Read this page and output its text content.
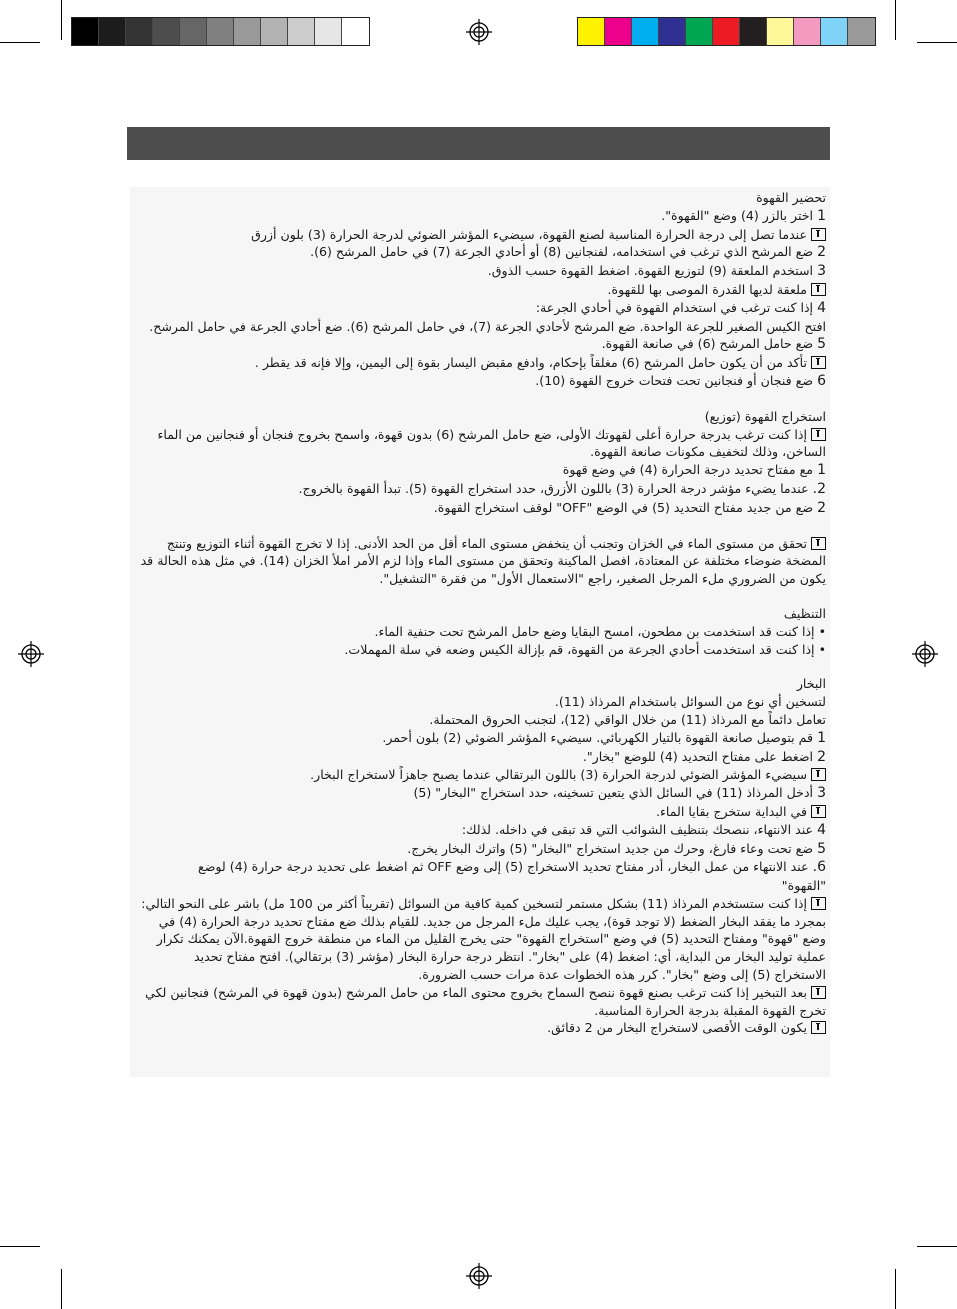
تحضير القهوة
1 اختر بالزر (4) وضع "القهوة".
عندما تصل إلى درجة الحرارة المناسبة لصنع القهوة، سيضيء المؤشر الضوئي لدرجة الحرارة (3) بلون أزرق
2 ضع المرشح الذي ترغب في استخدامه، لفنجانين (8) أو أحادي الجرعة (7) في حامل المرشح (6).
3 استخدم الملعقة (9) لتوزيع القهوة. اضغط القهوة حسب الذوق.
ملعقة لديها القدرة الموصى بها للقهوة.
4 إذا كنت ترغب في استخدام القهوة في أحادي الجرعة:
افتح الكيس الصغير للجرعة الواحدة. ضع المرشح لأحادي الجرعة (7)، في حامل المرشح (6). ضع أحادي الجرعة في حامل المرشح.
5 ضع حامل المرشح (6) في صانعة القهوة.
تأكد من أن يكون حامل المرشح (6) مغلقاً بإحكام، وادفع مقبض اليسار بقوة إلى اليمين، وإلا فإنه قد يقطر .
6 ضع فنجان أو فنجانين تحت فتحات خروج القهوة (10).
استخراج القهوة (توزيع)
إذا كنت ترغب بدرجة حرارة أعلى لقهوتك الأولى، ضع حامل المرشح (6) بدون قهوة، واسمح بخروج فنجان أو فنجانين من الماء
الساخن، وذلك لتخفيف مكونات صانعة القهوة.
1 مع مفتاح تحديد درجة الحرارة (4) في وضع قهوة
2. عندما يضيء مؤشر درجة الحرارة (3) باللون الأزرق، حدد استخراج القهوة (5). تبدأ القهوة بالخروج.
2 ضع من جديد مفتاح التحديد (5) في الوضع "OFF" لوقف استخراج القهوة.
تحقق من مستوى الماء في الخزان وتجنب أن ينخفض مستوى الماء أقل من الحد الأدنى. إذا لا تخرج القهوة أثناء التوزيع وتنتج
المضخة ضوضاء مختلفة عن المعتادة، افصل الماكينة وتحقق من مستوى الماء وإذا لزم الأمر املأ الخزان (14). في مثل هذه الحالة قد
يكون من الضروري ملء المرجل الصغير، راجع "الاستعمال الأول" من فقرة "التشغيل".
التنظيف
• إذا كنت قد استخدمت بن مطحون، امسح البقايا وضع حامل المرشح تحت حنفية الماء.
• إذا كنت قد استخدمت أحادي الجرعة من القهوة، قم بإزالة الكيس وضعه في سلة المهملات.
البخار
لتسخين أي نوع من السوائل باستخدام المرذاذ (11).
تعامل دائماً مع المرذاذ (11) من خلال الواقي (12)، لتجنب الحروق المحتملة.
1 قم بتوصيل صانعة القهوة بالتيار الكهربائي. سيضيء المؤشر الضوئي (2) بلون أحمر.
2 اضغط على مفتاح التحديد (4) للوضع "بخار".
سيضيء المؤشر الضوئي لدرجة الحرارة (3) باللون البرتقالي عندما يصبح جاهزاً لاستخراج البخار.
3 أدخل المرذاذ (11) في السائل الذي يتعين تسخينه، حدد استخراج "البخار" (5)
في البداية ستخرج بقايا الماء.
4 عند الانتهاء، ننصحك بتنظيف الشوائب التي قد تبقى في داخله. لذلك:
5 ضع تحت وعاء فارغ، وحرك من جديد استخراج "البخار" (5) واترك البخار يخرج.
6. عند الانتهاء من عمل البخار، أدر مفتاح تحديد الاستخراج (5) إلى وضع OFF ثم اضغط على تحديد درجة حرارة (4) لوضع
"القهوة"
إذا كنت ستستخدم المرذاذ (11) بشكل مستمر لتسخين كمية كافية من السوائل (تقريباً أكثر من 100 مل) باشر على النحو التالي:
بمجرد ما يفقد البخار الضغط (لا توجد قوة)، يجب عليك ملء المرجل من جديد. للقيام بذلك ضع مفتاح تحديد درجة الحرارة (4) في
وضع "قهوة" ومفتاح التحديد (5) في وضع "استخراج القهوة" حتى يخرج القليل من الماء من منطقة خروج القهوة.الآن يمكنك تكرار
عملية توليد البخار من البداية، أي: اضغط (4) على "بخار". انتظر درجة حرارة البخار (مؤشر (3) برتقالي). افتح مفتاح تحديد
الاستخراج (5) إلى وضع "بخار". كرر هذه الخطوات عدة مرات حسب الضرورة.
بعد التبخير إذا كنت ترغب بصنع قهوة ننصح السماح بخروج محتوى الماء من حامل المرشح (بدون قهوة في المرشح) فنجانين لكي
تخرج القهوة المقبلة بدرجة الحرارة المناسبة.
يكون الوقت الأقصى لاستخراج البخار من 2 دقائق.
